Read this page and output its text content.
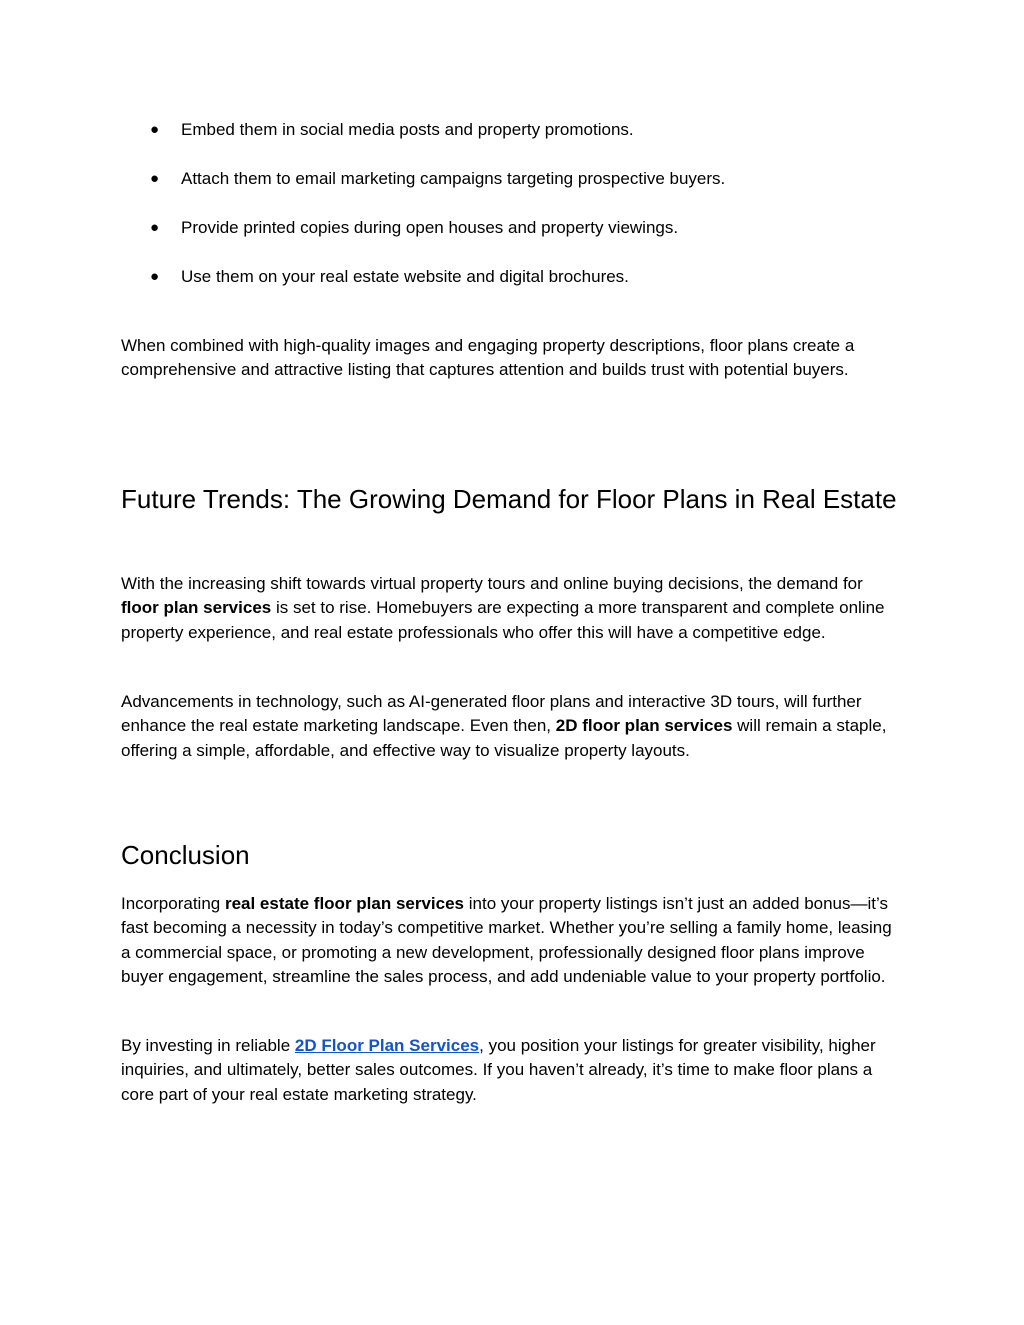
●	Embed them in social media posts and property promotions.
●	Attach them to email marketing campaigns targeting prospective buyers.
●	Provide printed copies during open houses and property viewings.
●	Use them on your real estate website and digital brochures.

When combined with high-quality images and engaging property descriptions, floor plans create a comprehensive and attractive listing that captures attention and builds trust with potential buyers.

Future Trends: The Growing Demand for Floor Plans in Real Estate

With the increasing shift towards virtual property tours and online buying decisions, the demand for floor plan services is set to rise. Homebuyers are expecting a more transparent and complete online property experience, and real estate professionals who offer this will have a competitive edge.

Advancements in technology, such as AI-generated floor plans and interactive 3D tours, will further enhance the real estate marketing landscape. Even then, 2D floor plan services will remain a staple, offering a simple, affordable, and effective way to visualize property layouts.

Conclusion

Incorporating real estate floor plan services into your property listings isn’t just an added bonus—it’s fast becoming a necessity in today’s competitive market. Whether you’re selling a family home, leasing a commercial space, or promoting a new development, professionally designed floor plans improve buyer engagement, streamline the sales process, and add undeniable value to your property portfolio.

By investing in reliable 2D Floor Plan Services, you position your listings for greater visibility, higher inquiries, and ultimately, better sales outcomes. If you haven’t already, it’s time to make floor plans a core part of your real estate marketing strategy.
